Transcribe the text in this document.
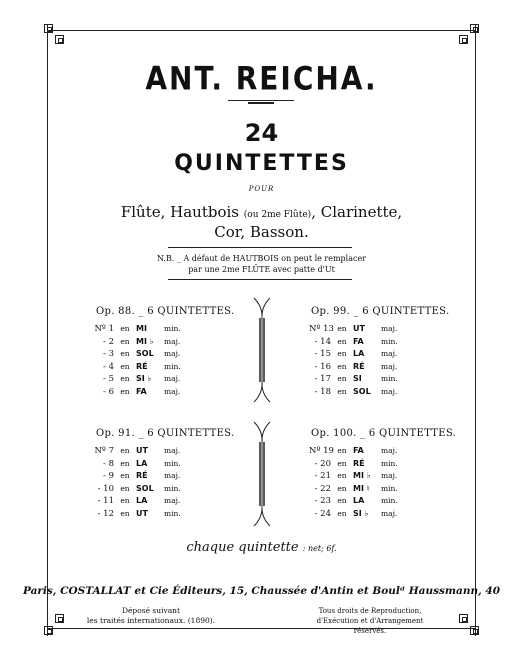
ANT. REICHA.
24
QUINTETTES
POUR
Flûte, Hautbois (ou 2me Flûte), Clarinette,
Cor, Basson.
N.B. _ A défaut de HAUTBOIS on peut le remplacer
par une 2me FLÛTE avec patte d'Ut
Op. 88. _ 6 QUINTETTES.
Nº 1 en MI min.
- 2 en MI ♭ maj.
- 3 en SOL maj.
- 4 en RÉ min.
- 5 en SI ♭ maj.
- 6 en FA maj.
Op. 99. _ 6 QUINTETTES.
Nº 13 en UT maj.
- 14 en FA min.
- 15 en LA maj.
- 16 en RÉ maj.
- 17 en SI	min.
- 18 en SOL maj.
Op. 91. _ 6 QUINTETTES.
Nº 7 en UT maj.
- 8 en LA min.
- 9 en RÉ maj.
- 10 en SOL min.
- 11 en LA maj.
- 12 en UT min.
Op. 100. _ 6 QUINTETTES.
Nº 19 en FA maj.
- 20 en RÉ min.
- 21 en MI ♭ maj.
- 22 en MI ♮ min.
- 23 en LA min.
- 24 en SI ♭ maj.
chaque quintette : net; 6f.
Paris, COSTALLAT et Cie Éditeurs, 15, Chaussée d'Antin et Boulᵈ Haussmann, 40
Déposé suivant
les traités internationaux. (1890).
Tous droits de Reproduction,
d'Exécution et d'Arrangement réservés.
